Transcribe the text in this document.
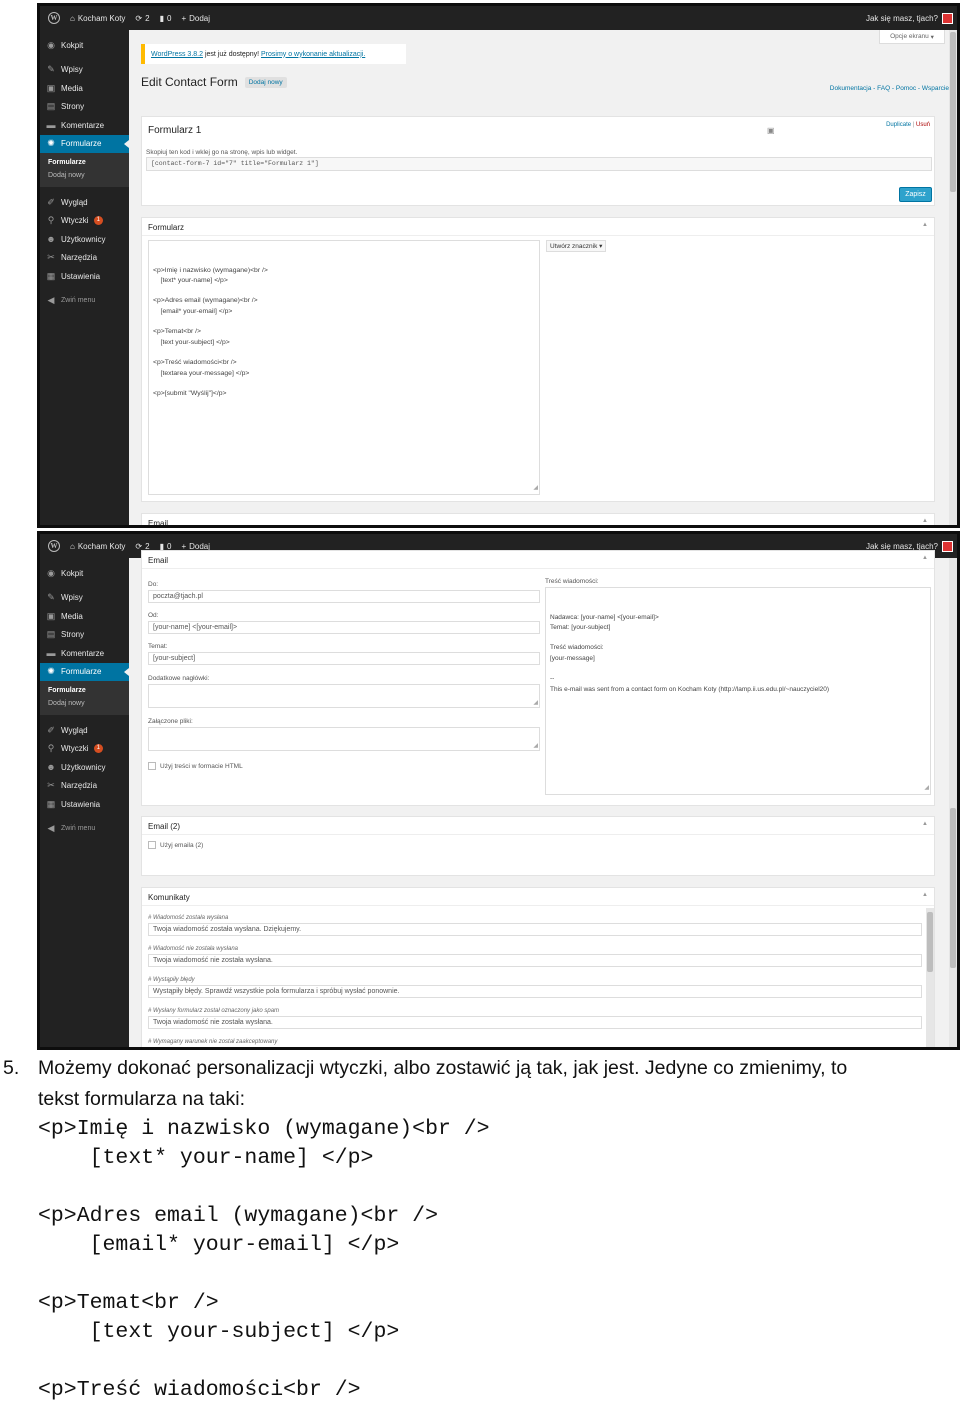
W	⌂ Kocham Koty ⟳ 2 ▮ 0 + Dodaj	Jak się masz, tjach?
◉ Kokpit
✎ Wpisy
▣ Media
▤ Strony
▬ Komentarze
✺ Formularze
Formularze
Dodaj nowy
✐ Wygląd
⚲ Wtyczki	1
☻ Użytkownicy
✂ Narzędzia
▦ Ustawienia
◀ Zwiń menu
Opcje ekranu ▾
WordPress 3.8.2 jest już dostępny! Prosimy o wykonanie aktualizacji.
Edit Contact Form	Dodaj nowy
Dokumentacja - FAQ - Pomoc - Wsparcie
Formularz 1	▣
Duplicate | Usuń
Skopiuj ten kod i wklej go na stronę, wpis lub widget.
[contact-form-7 id="7" title="Formularz 1"]
Zapisz
Formularz	▲

<p>Imię i nazwisko (wymagane)<br />
[text* your-name] </p>

<p>Adres email (wymagane)<br />
[email* your-email] </p>

<p>Temat<br />
[text your-subject] </p>

<p>Treść wiadomości<br />
[textarea your-message] </p>

<p>[submit "Wyślij"]</p>

◢

Utwórz znacznik ▾
Email	▲
W	⌂ Kocham Koty ⟳ 2 ▮ 0 + Dodaj	Jak się masz, tjach?
◉ Kokpit
✎ Wpisy
▣ Media
▤ Strony
▬ Komentarze
✺ Formularze
Formularze
Dodaj nowy
✐ Wygląd
⚲ Wtyczki	1
☻ Użytkownicy
✂ Narzędzia
▦ Ustawienia
◀ Zwiń menu
Email	▲
Do:
poczta@tjach.pl
Od:
[your-name] <[your-email]>
Temat:
[your-subject]
Dodatkowe nagłówki:
◢
Załączone pliki:
◢
Użyj treści w formacie HTML
Treść wiadomości:

Nadawca: [your-name] <[your-email]>
Temat: [your-subject]

Treść wiadomości:
[your-message]

--
This e-mail was sent from a contact form on Kocham Koty (http://lamp.ii.us.edu.pl/~nauczyciel20)

◢

Email (2)	▲
Użyj emaila (2)
Komunikaty	▲
# Wiadomość została wysłana
Twoja wiadomość została wysłana. Dziękujemy.
# Wiadomość nie została wysłana
Twoja wiadomość nie została wysłana.
# Wystąpiły błędy
Wystąpiły błędy. Sprawdź wszystkie pola formularza i spróbuj wysłać ponownie.
# Wysłany formularz został oznaczony jako spam
Twoja wiadomość nie została wysłana.
# Wymagany warunek nie został zaakceptowany
5. Możemy dokonać personalizacji wtyczki, albo zostawić ją tak, jak jest. Jedyne co zmienimy, to
tekst formularza na taki:
<p>Imię i nazwisko (wymagane)<br />
[text* your-name] </p>
<p>Adres email (wymagane)<br />
[email* your-email] </p>
<p>Temat<br />
[text your-subject] </p>
<p>Treść wiadomości<br />
